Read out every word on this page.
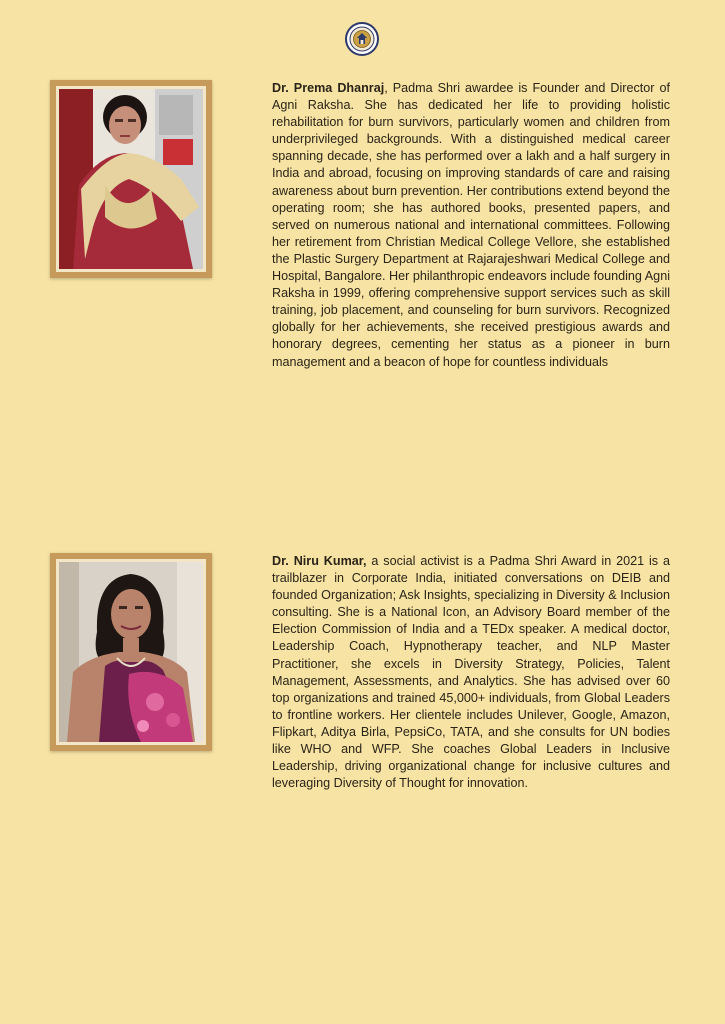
Dr. Prema Dhanraj, Padma Shri awardee is Founder and Director of Agni Raksha. She has dedicated her life to providing holistic rehabilitation for burn survivors, particularly women and children from underprivileged backgrounds. With a distinguished medical career spanning decade, she has performed over a lakh and a half surgery in India and abroad, focusing on improving standards of care and raising awareness about burn prevention. Her contributions extend beyond the operating room; she has authored books, presented papers, and served on numerous national and international committees. Following her retirement from Christian Medical College Vellore, she established the Plastic Surgery Department at Rajarajeshwari Medical College and Hospital, Bangalore. Her philanthropic endeavors include founding Agni Raksha in 1999, offering comprehensive support services such as skill training, job placement, and counseling for burn survivors. Recognized globally for her achievements, she received prestigious awards and honorary degrees, cementing her status as a pioneer in burn management and a beacon of hope for countless individuals

Dr. Niru Kumar, a social activist is a Padma Shri Award in 2021 is a trailblazer in Corporate India, initiated conversations on DEIB and founded Organization; Ask Insights, specializing in Diversity & Inclusion consulting. She is a National Icon, an Advisory Board member of the Election Commission of India and a TEDx speaker. A medical doctor, Leadership Coach, Hypnotherapy teacher, and NLP Master Practitioner, she excels in Diversity Strategy, Policies, Talent Management, Assessments, and Analytics. She has advised over 60 top organizations and trained 45,000+ individuals, from Global Leaders to frontline workers. Her clientele includes Unilever, Google, Amazon, Flipkart, Aditya Birla, PepsiCo, TATA, and she consults for UN bodies like WHO and WFP. She coaches Global Leaders in Inclusive Leadership, driving organizational change for inclusive cultures and leveraging Diversity of Thought for innovation.
